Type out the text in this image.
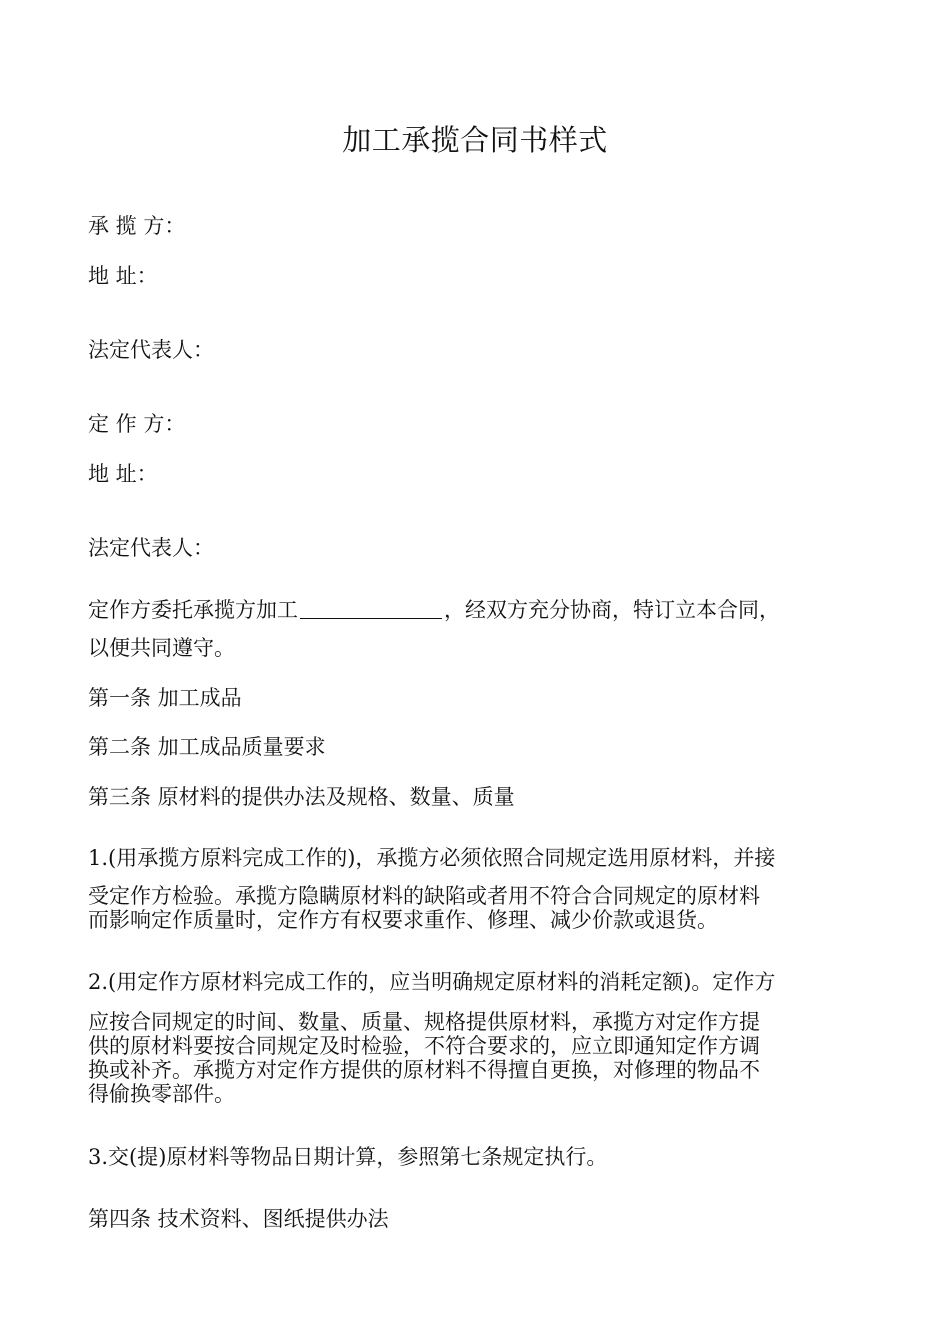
加工承揽合同书样式
承 揽 方：
地 址：
法定代表人：
定 作 方：
地 址：
法定代表人：
定作方委托承揽方加工	，经双方充分协商，特订立本合同，
以便共同遵守。
第一条 加工成品
第二条 加工成品质量要求
第三条 原材料的提供办法及规格、数量、质量
1.(用承揽方原料完成工作的)，承揽方必须依照合同规定选用原材料，并接
受定作方检验。承揽方隐瞒原材料的缺陷或者用不符合合同规定的原材料
而影响定作质量时，定作方有权要求重作、修理、减少价款或退货。
2.(用定作方原材料完成工作的，应当明确规定原材料的消耗定额)。定作方
应按合同规定的时间、数量、质量、规格提供原材料，承揽方对定作方提
供的原材料要按合同规定及时检验，不符合要求的，应立即通知定作方调
换或补齐。承揽方对定作方提供的原材料不得擅自更换，对修理的物品不
得偷换零部件。
3.交(提)原材料等物品日期计算，参照第七条规定执行。
第四条 技术资料、图纸提供办法
